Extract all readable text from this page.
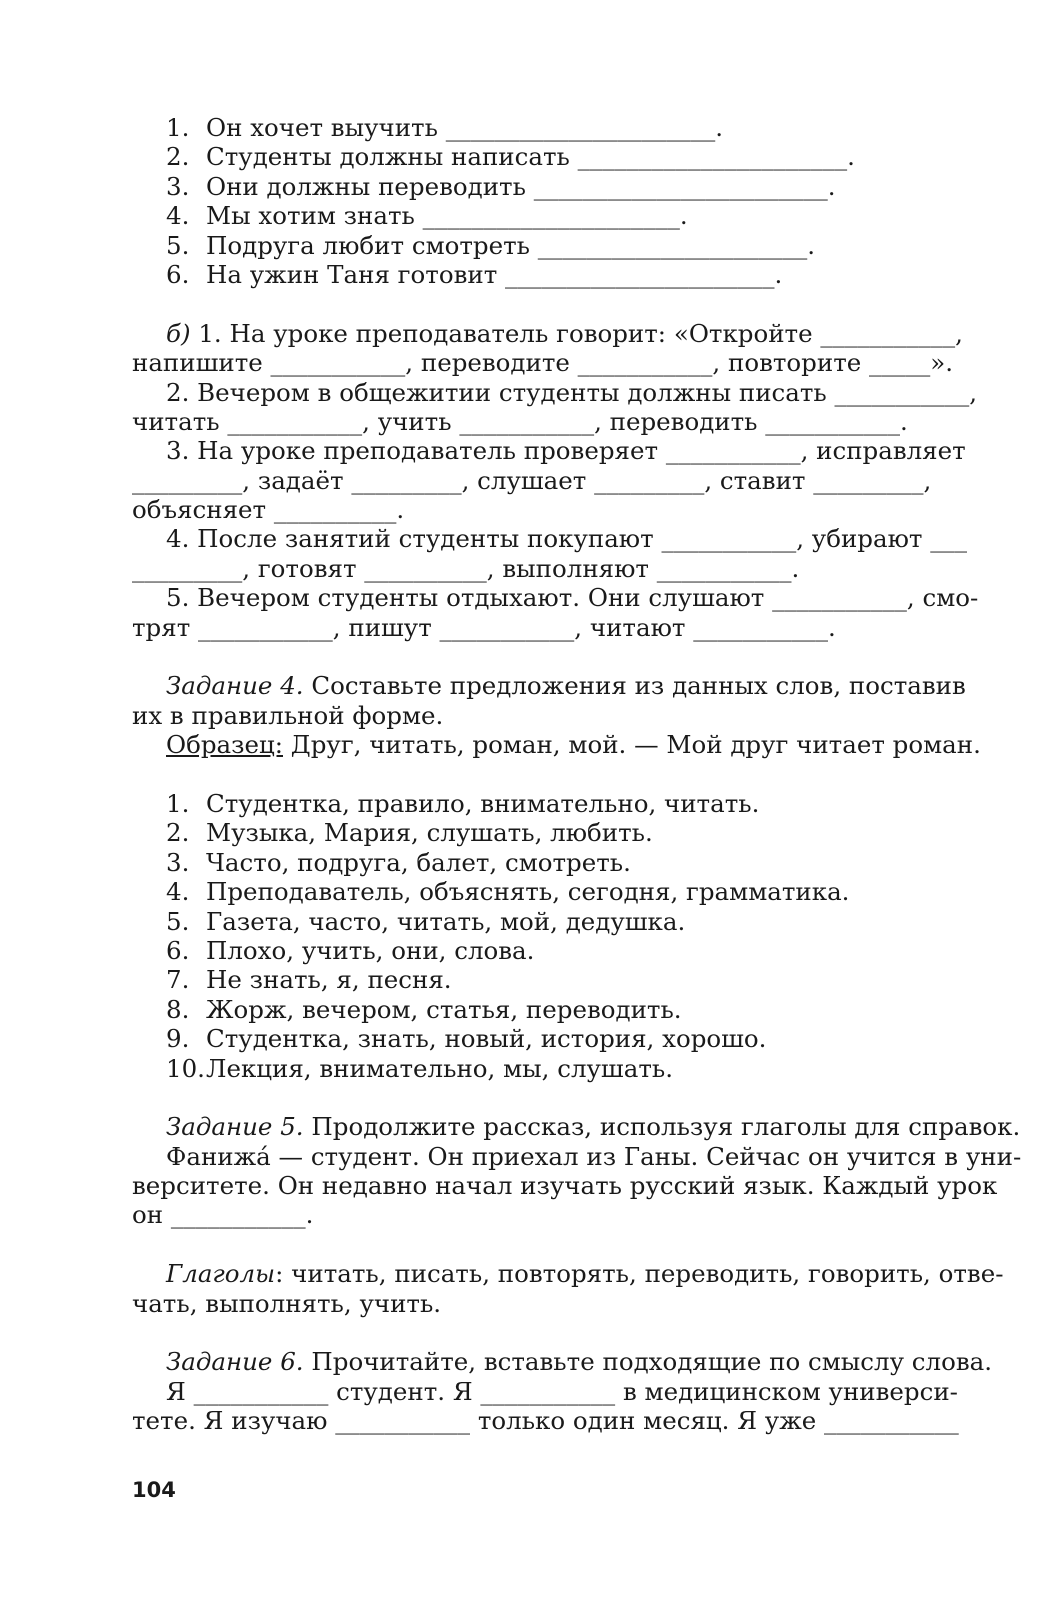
1. Он хочет выучить ______________________.
2. Студенты должны написать ______________________.
3. Они должны переводить ________________________.
4. Мы хотим знать _____________________.
5. Подруга любит смотреть ______________________.
6. На ужин Таня готовит ______________________.
б) 1. На уроке преподаватель говорит: «Откройте ___________,
напишите ___________, переводите ___________, повторите _____».
2. Вечером в общежитии студенты должны писать ___________,
читать ___________, учить ___________, переводить ___________.
3. На уроке преподаватель проверяет ___________, исправляет
_________, задаёт _________, слушает _________, ставит _________,
объясняет __________.
4. После занятий студенты покупают ___________, убирают ___
_________, готовят __________, выполняют ___________.
5. Вечером студенты отдыхают. Они слушают ___________, смо-
трят ___________, пишут ___________, читают ___________.
Задание 4. Составьте предложения из данных слов, поставив
их в правильной форме.
Образец: Друг, читать, роман, мой. — Мой друг читает роман.
1. Студентка, правило, внимательно, читать.
2. Музыка, Мария, слушать, любить.
3. Часто, подруга, балет, смотреть.
4. Преподаватель, объяснять, сегодня, грамматика.
5. Газета, часто, читать, мой, дедушка.
6. Плохо, учить, они, слова.
7. Не знать, я, песня.
8. Жорж, вечером, статья, переводить.
9. Студентка, знать, новый, история, хорошо.
10.Лекция, внимательно, мы, слушать.
Задание 5. Продолжите рассказ, используя глаголы для справок.
Фанижа́ — студент. Он приехал из Ганы. Сейчас он учится в уни-
верситете. Он недавно начал изучать русский язык. Каждый урок
он ___________.
Глаголы: читать, писать, повторять, переводить, говорить, отве-
чать, выполнять, учить.
Задание 6. Прочитайте, вставьте подходящие по смыслу слова.
Я ___________ студент. Я ___________ в медицинском универси-
тете. Я изучаю ___________ только один месяц. Я уже ___________
104
